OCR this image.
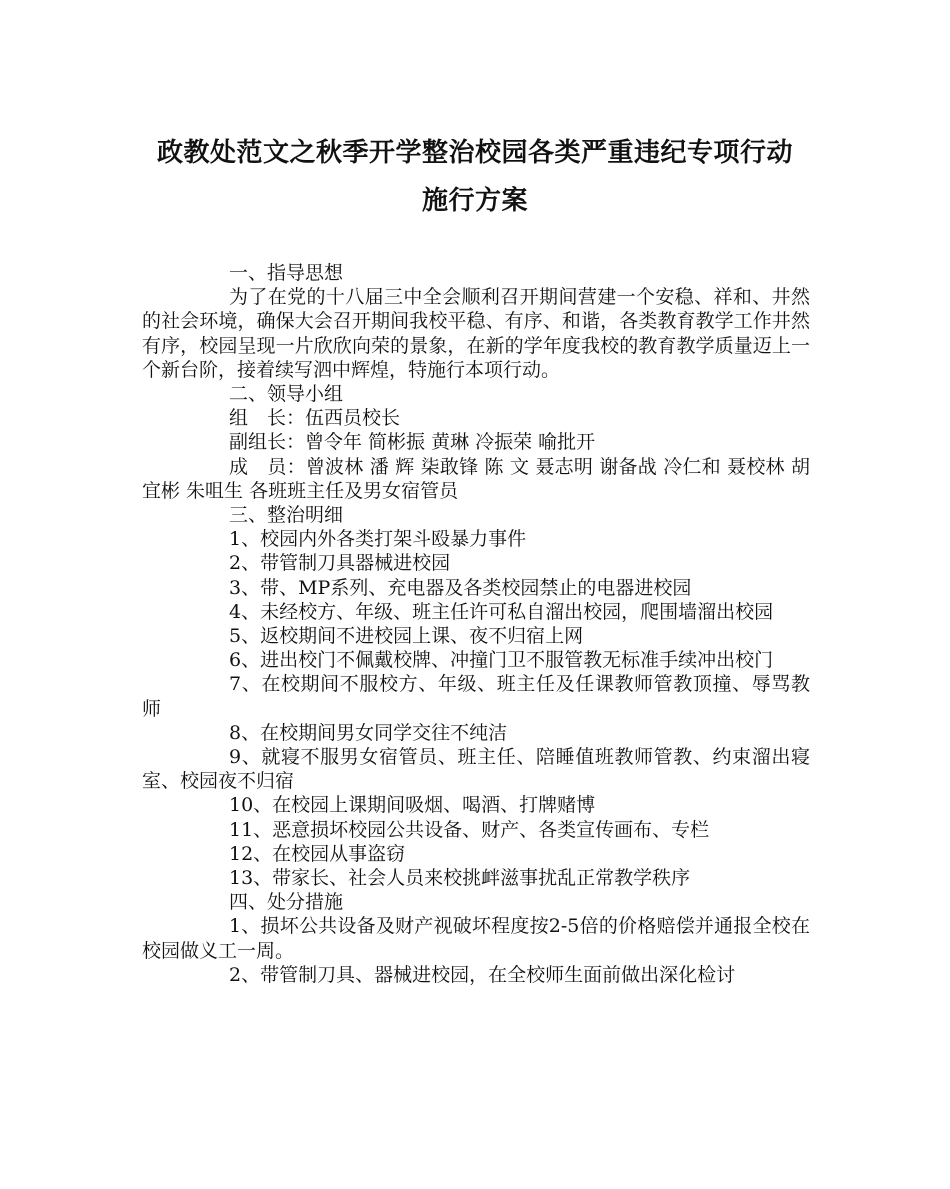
政教处范文之秋季开学整治校园各类严重违纪专项行动
施行方案

一、指导思想

为了在党的十八届三中全会顺利召开期间营建一个安稳、祥和、井然的社会环境，确保大会召开期间我校平稳、有序、和谐，各类教育教学工作井然有序，校园呈现一片欣欣向荣的景象，在新的学年度我校的教育教学质量迈上一个新台阶，接着续写泗中辉煌，特施行本项行动。

二、领导小组

组　长：伍西员校长

副组长：曾令年 简彬振 黄琳 冷振荣 喻批开

成　员：曾波林 潘 辉 柒敢锋 陈 文 聂志明 谢备战 冷仁和 聂校林 胡宜彬 朱咀生 各班班主任及男女宿管员

三、整治明细

1、校园内外各类打架斗殴暴力事件

2、带管制刀具器械进校园

3、带、MP系列、充电器及各类校园禁止的电器进校园

4、未经校方、年级、班主任许可私自溜出校园，爬围墙溜出校园

5、返校期间不进校园上课、夜不归宿上网

6、进出校门不佩戴校牌、冲撞门卫不服管教无标准手续冲出校门

7、在校期间不服校方、年级、班主任及任课教师管教顶撞、辱骂教师

8、在校期间男女同学交往不纯洁

9、就寝不服男女宿管员、班主任、陪睡值班教师管教、约束溜出寝室、校园夜不归宿

10、在校园上课期间吸烟、喝酒、打牌赌博

11、恶意损坏校园公共设备、财产、各类宣传画布、专栏

12、在校园从事盗窃

13、带家长、社会人员来校挑衅滋事扰乱正常教学秩序

四、处分措施

1、损坏公共设备及财产视破坏程度按2-5倍的价格赔偿并通报全校在校园做义工一周。

2、带管制刀具、器械进校园，在全校师生面前做出深化检讨
